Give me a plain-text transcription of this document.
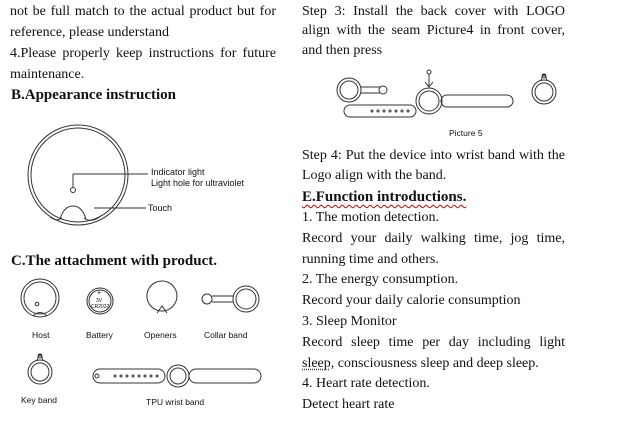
not be full match to the actual product but for
reference, please understand
4.Please properly keep instructions for future
maintenance.
B.Appearance instruction
Indicator light
Light hole for ultraviolet
Touch
C.The attachment with product.
+
3V
CR2032
Host	Battery	Openers	Collar band
Key band	TPU wrist band
Step 3: Install the back cover with LOGO
align with the seam Picture4 in front cover,
and then press
Picture 5
Step 4: Put the device into wrist band with the
Logo align with the band.
E.Function introductions.
1. The motion detection.
Record your daily walking time, jog time,
running time and others.
2. The energy consumption.
Record your daily calorie consumption
3. Sleep Monitor
Record sleep time per day including light
sleep, consciousness sleep and deep sleep.
4. Heart rate detection.
Detect heart rate
